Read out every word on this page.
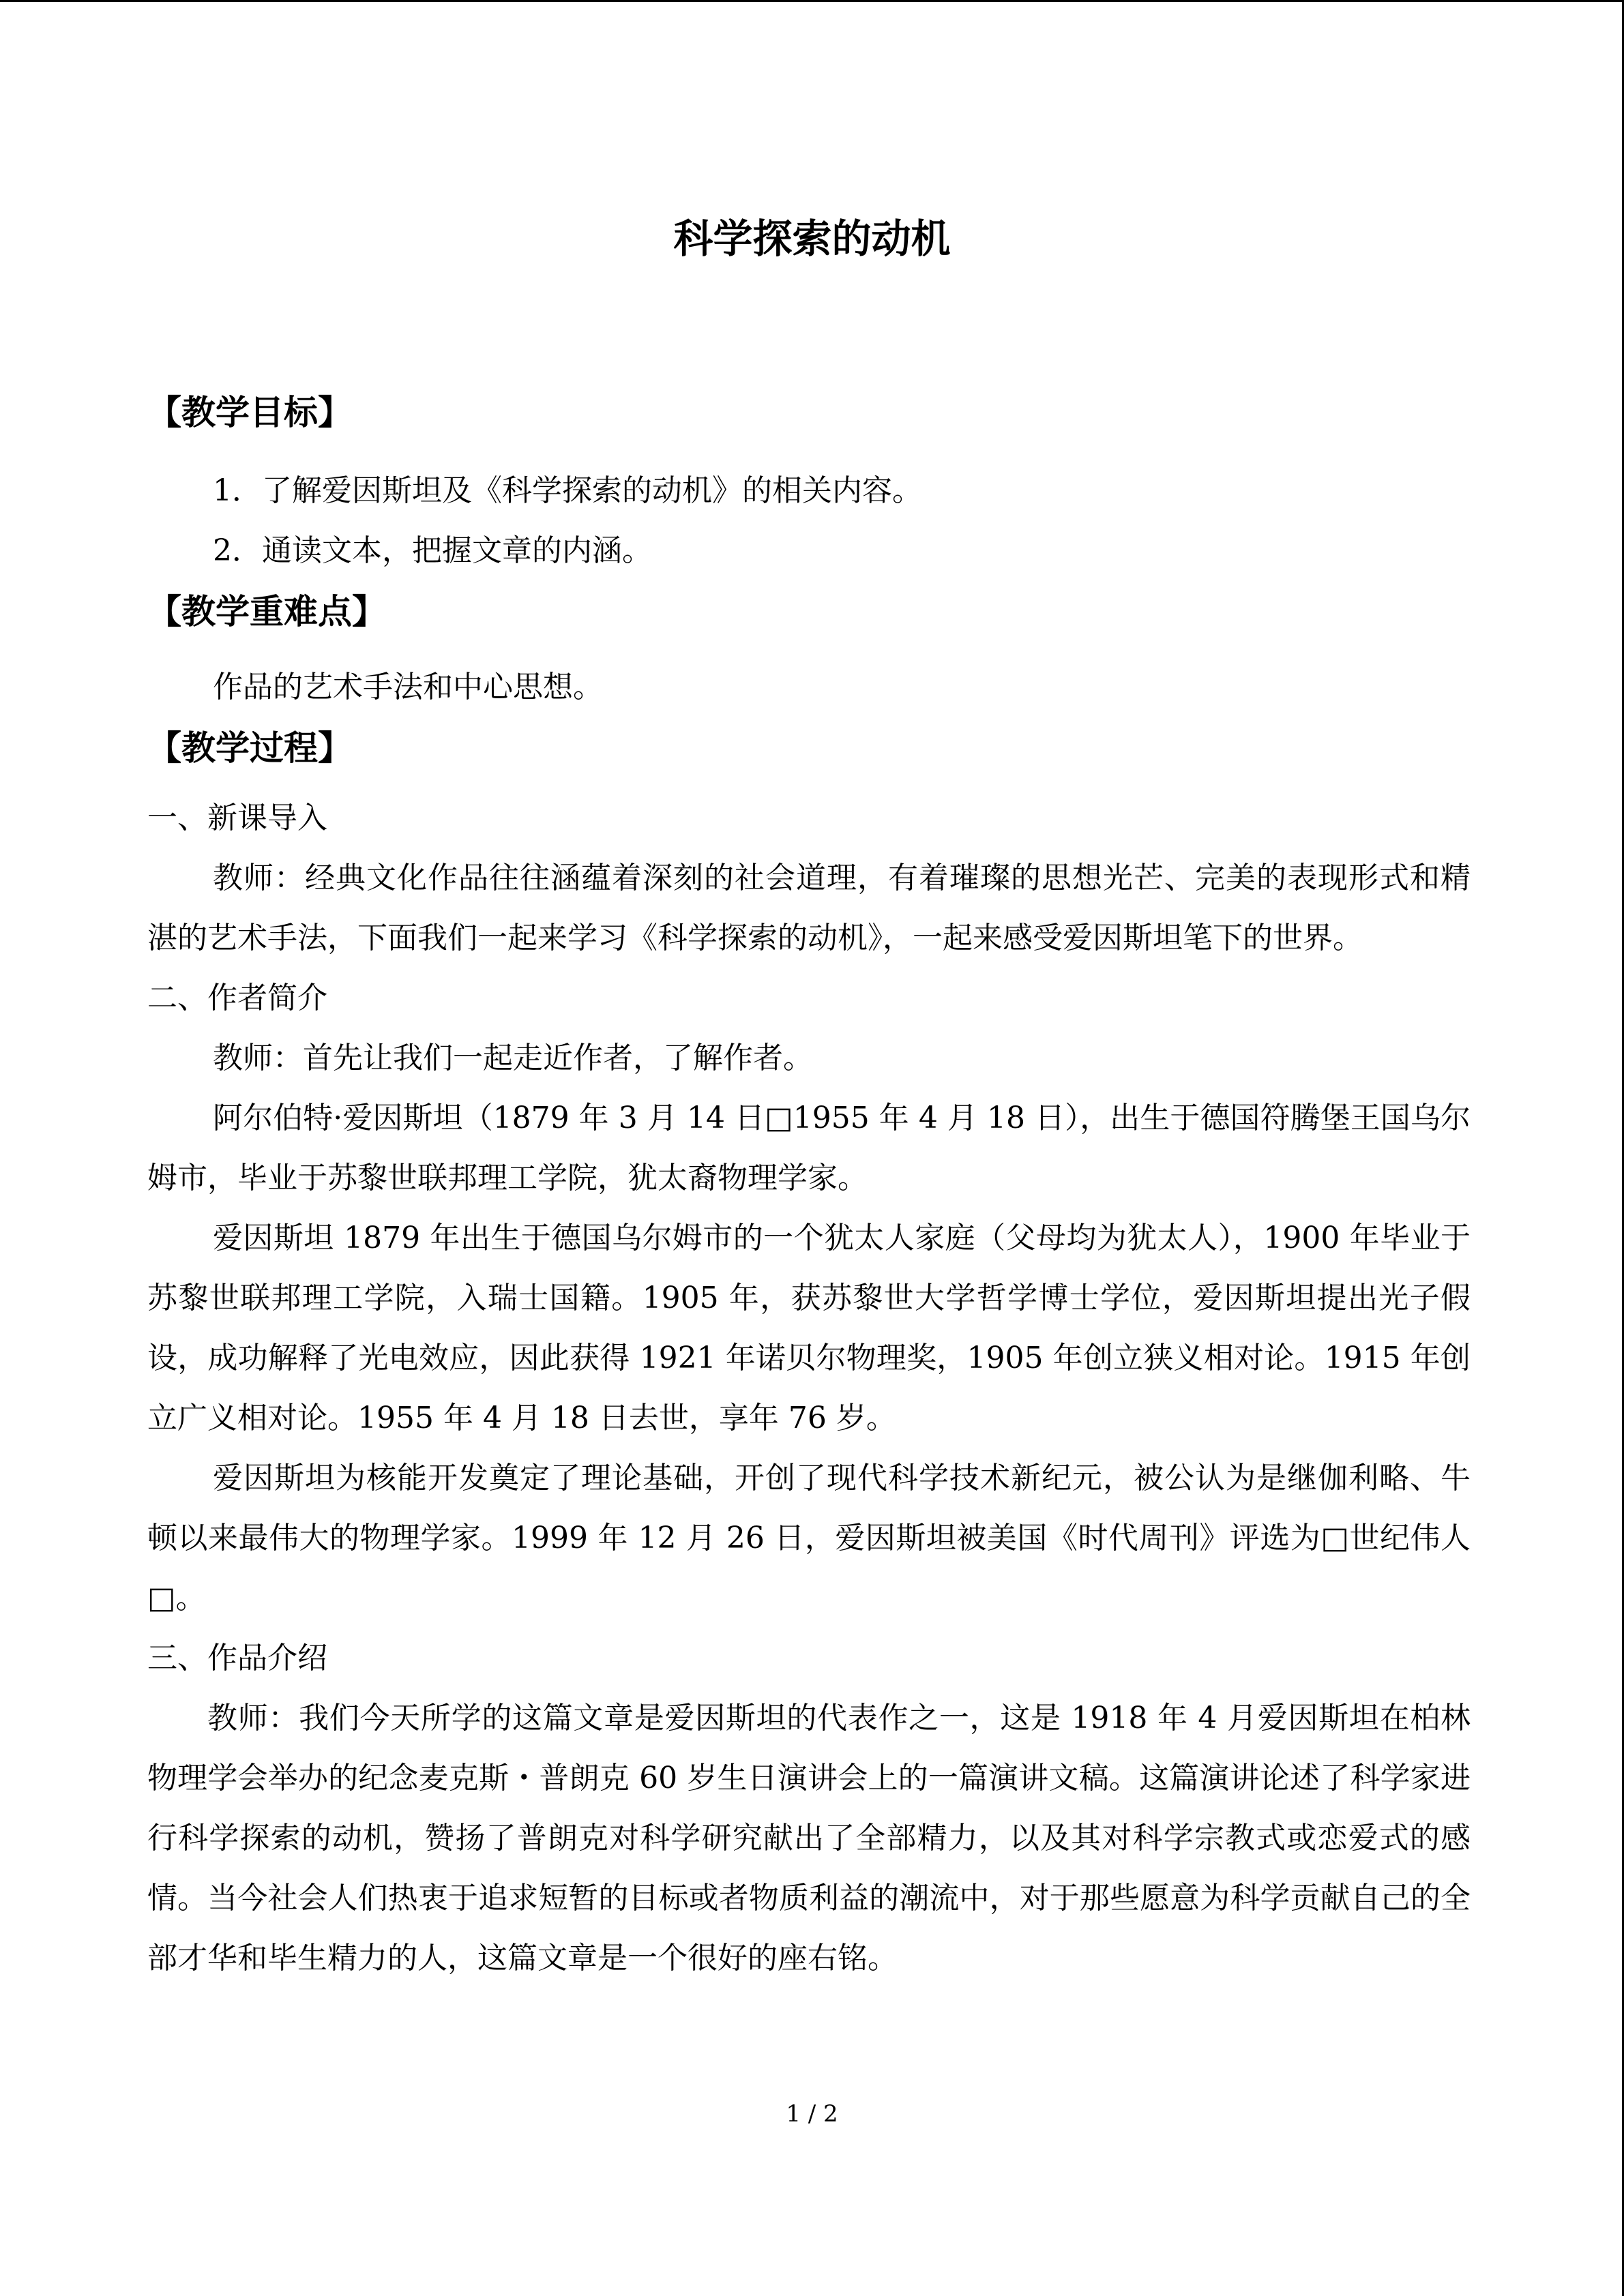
科学探索的动机

【教学目标】

1．了解爱因斯坦及《科学探索的动机》的相关内容。

2．通读文本，把握文章的内涵。

【教学重难点】

作品的艺术手法和中心思想。

【教学过程】

一、新课导入

教师：经典文化作品往往涵蕴着深刻的社会道理，有着璀璨的思想光芒、完美的表现形式和精湛的艺术手法，下面我们一起来学习《科学探索的动机》，一起来感受爱因斯坦笔下的世界。

二、作者简介

教师：首先让我们一起走近作者，了解作者。

阿尔伯特·爱因斯坦（1879 年 3 月 14 日□1955 年 4 月 18 日），出生于德国符腾堡王国乌尔姆市，毕业于苏黎世联邦理工学院，犹太裔物理学家。

爱因斯坦 1879 年出生于德国乌尔姆市的一个犹太人家庭（父母均为犹太人），1900 年毕业于苏黎世联邦理工学院，入瑞士国籍。1905 年，获苏黎世大学哲学博士学位，爱因斯坦提出光子假设，成功解释了光电效应，因此获得 1921 年诺贝尔物理奖，1905 年创立狭义相对论。1915 年创立广义相对论。1955 年 4 月 18 日去世，享年 76 岁。

爱因斯坦为核能开发奠定了理论基础，开创了现代科学技术新纪元，被公认为是继伽利略、牛顿以来最伟大的物理学家。1999 年 12 月 26 日，爱因斯坦被美国《时代周刊》评选为□世纪伟人□。

三、作品介绍

教师：我们今天所学的这篇文章是爱因斯坦的代表作之一，这是 1918 年 4 月爱因斯坦在柏林物理学会举办的纪念麦克斯・普朗克 60 岁生日演讲会上的一篇演讲文稿。这篇演讲论述了科学家进行科学探索的动机，赞扬了普朗克对科学研究献出了全部精力，以及其对科学宗教式或恋爱式的感情。当今社会人们热衷于追求短暂的目标或者物质利益的潮流中，对于那些愿意为科学贡献自己的全部才华和毕生精力的人，这篇文章是一个很好的座右铭。

1 / 2
